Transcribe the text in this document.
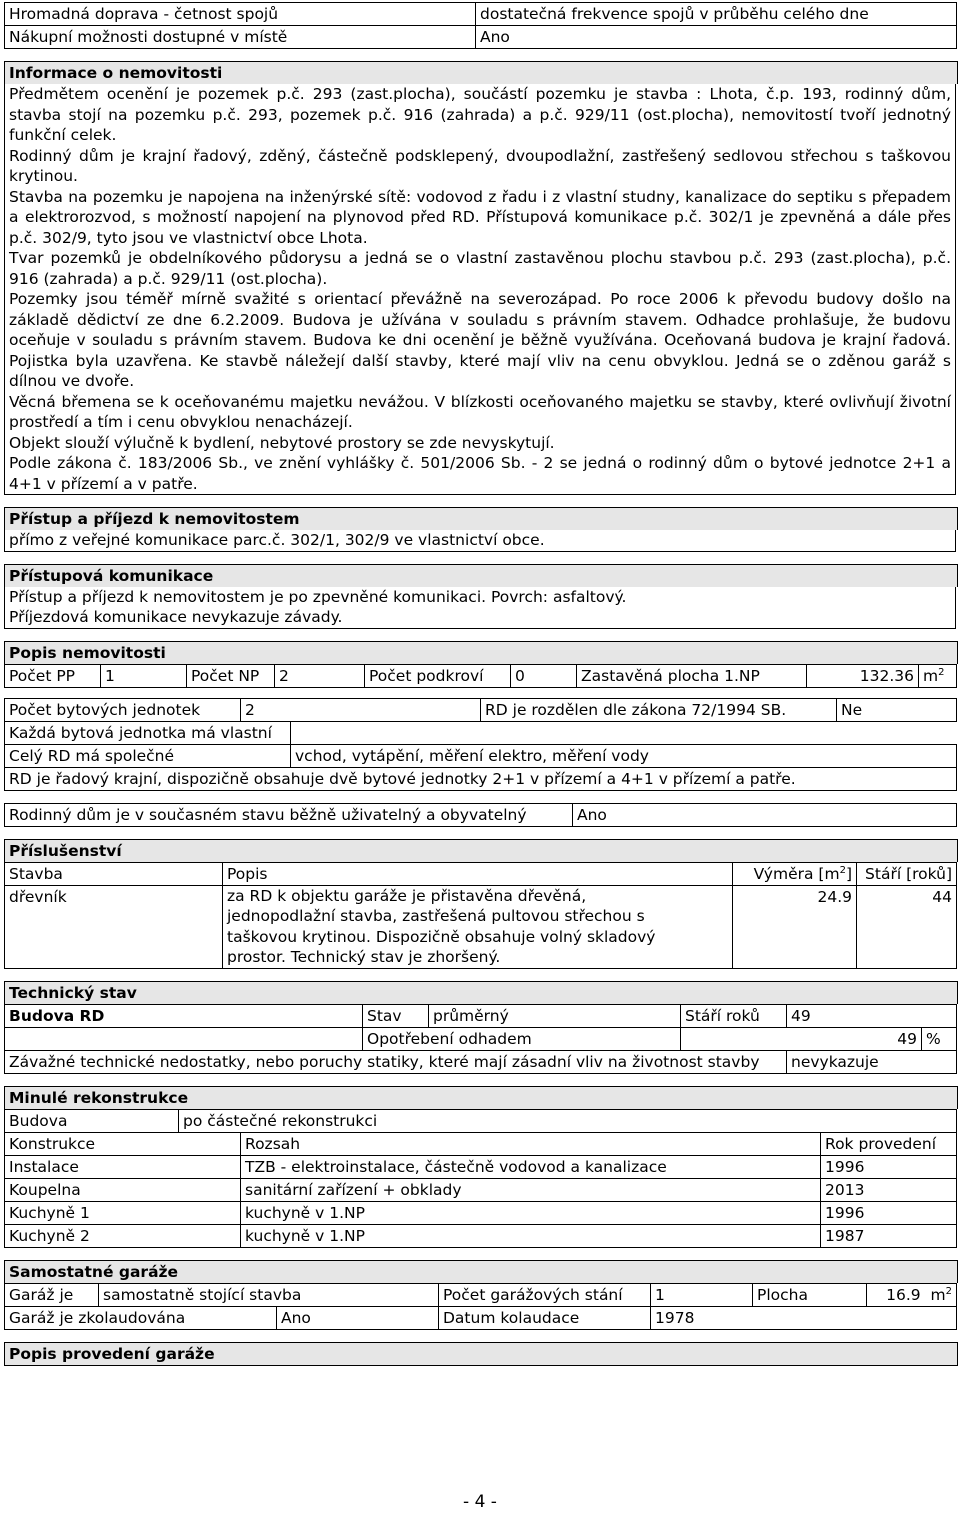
Hromadná doprava - četnost spojů	dostatečná frekvence spojů v průběhu celého dne
Nákupní možnosti dostupné v místě	Ano
Informace o nemovitosti

Předmětem ocenění je pozemek p.č. 293 (zast.plocha), součástí pozemku je stavba : Lhota, č.p. 193, rodinný dům, stavba stojí na pozemku p.č. 293, pozemek p.č. 916 (zahrada) a p.č. 929/11 (ost.plocha), nemovitostí tvoří jednotný funkční celek.

Rodinný dům je krajní řadový, zděný, částečně podsklepený, dvoupodlažní, zastřešený sedlovou střechou s taškovou krytinou.

Stavba na pozemku je napojena na inženýrské sítě: vodovod z řadu i z vlastní studny, kanalizace do septiku s přepadem a elektrorozvod, s možností napojení na plynovod před RD. Přístupová komunikace p.č. 302/1 je zpevněná a dále přes p.č. 302/9, tyto jsou ve vlastnictví obce Lhota.

Tvar pozemků je obdelníkového půdorysu a jedná se o vlastní zastavěnou plochu stavbou p.č. 293 (zast.plocha), p.č. 916 (zahrada) a p.č. 929/11 (ost.plocha).

Pozemky jsou téměř mírně svažité s orientací převážně na severozápad. Po roce 2006 k převodu budovy došlo na základě dědictví ze dne 6.2.2009. Budova je užívána v souladu s právním stavem. Odhadce prohlašuje, že budovu oceňuje v souladu s právním stavem. Budova ke dni ocenění je běžně využívána. Oceňovaná budova je krajní řadová. Pojistka byla uzavřena. Ke stavbě náležejí další stavby, které mají vliv na cenu obvyklou. Jedná se o zděnou garáž s dílnou ve dvoře.

Věcná břemena se k oceňovanému majetku nevážou. V blízkosti oceňovaného majetku se stavby, které ovlivňují životní prostředí a tím i cenu obvyklou nenacházejí.

Objekt slouží výlučně k bydlení, nebytové prostory se zde nevyskytují.

Podle zákona č. 183/2006 Sb., ve znění vyhlášky č. 501/2006 Sb. - 2 se jedná o rodinný dům o bytové jednotce 2+1 a 4+1 v přízemí a v patře.

Přístup a příjezd k nemovitostem

přímo z veřejné komunikace parc.č. 302/1, 302/9 ve vlastnictví obce.

Přístupová komunikace

Přístup a příjezd k nemovitostem je po zpevněné komunikaci. Povrch: asfaltový.

Příjezdová komunikace nevykazuje závady.

Popis nemovitosti
Počet PP	1	Počet NP	2	Počet podkroví	0	Zastavěná plocha 1.NP	132.36	$m^2$
Počet bytových jednotek	2		RD je rozdělen dle zákona 72/1994 SB.	Ne
Každá bytová jednotka má vlastní				
Celý RD má společné		vchod, vytápění, měření elektro, měření vody		
RD je řadový krajní, dispozičně obsahuje dvě bytové jednotky 2+1 v přízemí a 4+1 v přízemí a patře.				
Rodinný dům je v současném stavu běžně uživatelný a obyvatelný	Ano
Příslušenství
Stavba	Popis	Výměra $[m^2]$	Stáří [roků]
dřevník	za RD k objektu garáže je přistavěna dřevěná, jednopodlažní stavba, zastřešená pultovou střechou s taškovou krytinou. Dispozičně obsahuje volný skladový prostor. Technický stav je zhoršený.	24.9	44
Technický stav
Budova RD	Stav	průměrný	Stáří roků	49	
	Opotřebení odhadem		49		%
Závažné technické nedostatky, nebo poruchy statiky, které mají zásadní vliv na životnost stavby				nevykazuje	
Minulé rekonstrukce
Budova	po částečné rekonstrukci		
Konstrukce		Rozsah	Rok provedení
Instalace		TZB - elektroinstalace, částečně vodovod a kanalizace	1996
Koupelna		sanitární zařízení + obklady	2013
Kuchyně 1		kuchyně v 1.NP	1996
Kuchyně 2		kuchyně v 1.NP	1987
Samostatné garáže
Garáž je	samostatně stojící stavba		Počet garážových stání	1	Plocha	16.9 $m^2$
Garáž je zkolaudována		Ano	Datum kolaudace	1978		
Popis provedení garáže
- 4 -
